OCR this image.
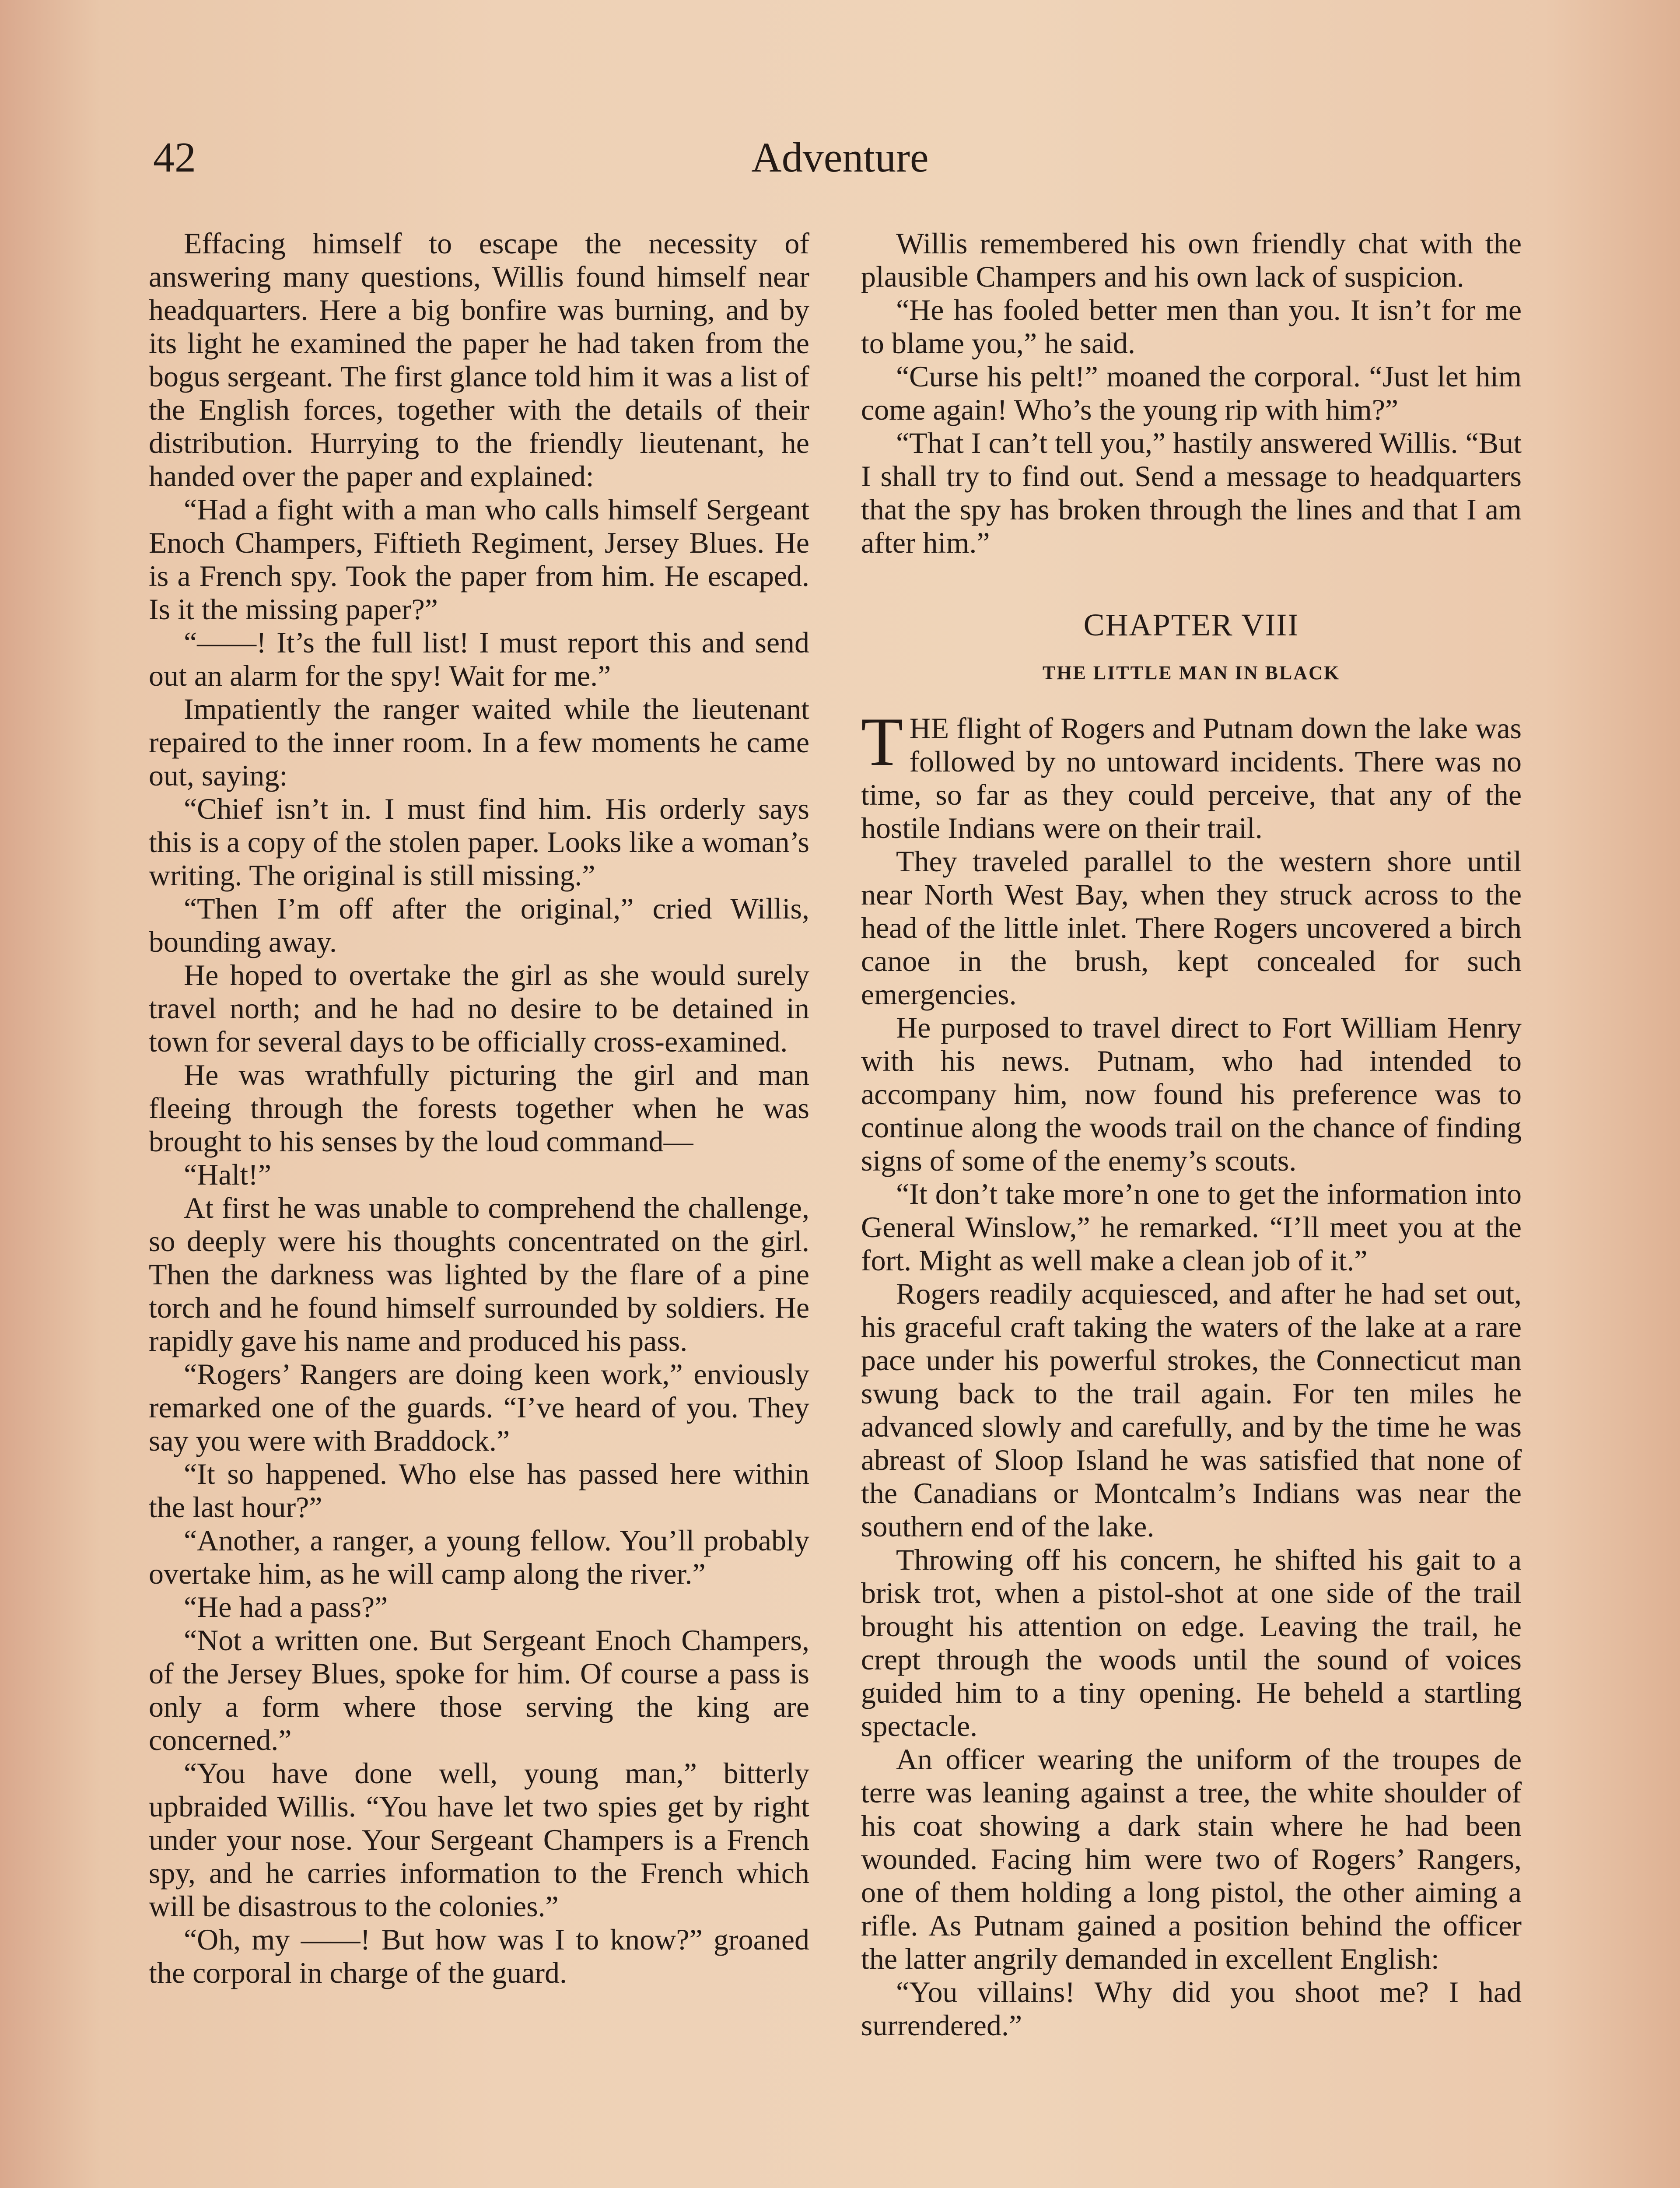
42	Adventure

Effacing himself to escape the necessity of answering many questions, Willis found himself near headquarters. Here a big bonfire was burning, and by its light he examined the paper he had taken from the bogus sergeant. The first glance told him it was a list of the English forces, together with the details of their distribution. Hurrying to the friendly lieutenant, he handed over the paper and explained:

“Had a fight with a man who calls himself Sergeant Enoch Champers, Fiftieth Regiment, Jersey Blues. He is a French spy. Took the paper from him. He escaped. Is it the missing paper?”

“——! It’s the full list! I must report this and send out an alarm for the spy! Wait for me.”

Impatiently the ranger waited while the lieutenant repaired to the inner room. In a few moments he came out, saying:

“Chief isn’t in. I must find him. His orderly says this is a copy of the stolen paper. Looks like a woman’s writing. The original is still missing.”

“Then I’m off after the original,” cried Willis, bounding away.

He hoped to overtake the girl as she would surely travel north; and he had no desire to be detained in town for several days to be officially cross-examined.

He was wrathfully picturing the girl and man fleeing through the forests together when he was brought to his senses by the loud command—

“Halt!”

At first he was unable to comprehend the challenge, so deeply were his thoughts concentrated on the girl. Then the darkness was lighted by the flare of a pine torch and he found himself surrounded by soldiers. He rapidly gave his name and produced his pass.

“Rogers’ Rangers are doing keen work,” enviously remarked one of the guards. “I’ve heard of you. They say you were with Braddock.”

“It so happened. Who else has passed here within the last hour?”

“Another, a ranger, a young fellow. You’ll probably overtake him, as he will camp along the river.”

“He had a pass?”

“Not a written one. But Sergeant Enoch Champers, of the Jersey Blues, spoke for him. Of course a pass is only a form where those serving the king are concerned.”

“You have done well, young man,” bitterly upbraided Willis. “You have let two spies get by right under your nose. Your Sergeant Champers is a French spy, and he carries information to the French which will be disastrous to the colonies.”

“Oh, my ——! But how was I to know?” groaned the corporal in charge of the guard.

Willis remembered his own friendly chat with the plausible Champers and his own lack of suspicion.

“He has fooled better men than you. It isn’t for me to blame you,” he said.

“Curse his pelt!” moaned the corporal. “Just let him come again! Who’s the young rip with him?”

“That I can’t tell you,” hastily answered Willis. “But I shall try to find out. Send a message to headquarters that the spy has broken through the lines and that I am after him.”

CHAPTER VIII
THE LITTLE MAN IN BLACK

THE flight of Rogers and Putnam down the lake was followed by no untoward incidents. There was no time, so far as they could perceive, that any of the hostile Indians were on their trail.

They traveled parallel to the western shore until near North West Bay, when they struck across to the head of the little inlet. There Rogers uncovered a birch canoe in the brush, kept concealed for such emergencies.

He purposed to travel direct to Fort William Henry with his news. Putnam, who had intended to accompany him, now found his preference was to continue along the woods trail on the chance of finding signs of some of the enemy’s scouts.

“It don’t take more’n one to get the information into General Winslow,” he remarked. “I’ll meet you at the fort. Might as well make a clean job of it.”

Rogers readily acquiesced, and after he had set out, his graceful craft taking the waters of the lake at a rare pace under his powerful strokes, the Connecticut man swung back to the trail again. For ten miles he advanced slowly and carefully, and by the time he was abreast of Sloop Island he was satisfied that none of the Canadians or Montcalm’s Indians was near the southern end of the lake.

Throwing off his concern, he shifted his gait to a brisk trot, when a pistol-shot at one side of the trail brought his attention on edge. Leaving the trail, he crept through the woods until the sound of voices guided him to a tiny opening. He beheld a startling spectacle.

An officer wearing the uniform of the troupes de terre was leaning against a tree, the white shoulder of his coat showing a dark stain where he had been wounded. Facing him were two of Rogers’ Rangers, one of them holding a long pistol, the other aiming a rifle. As Putnam gained a position behind the officer the latter angrily demanded in excellent English:

“You villains! Why did you shoot me? I had surrendered.”
